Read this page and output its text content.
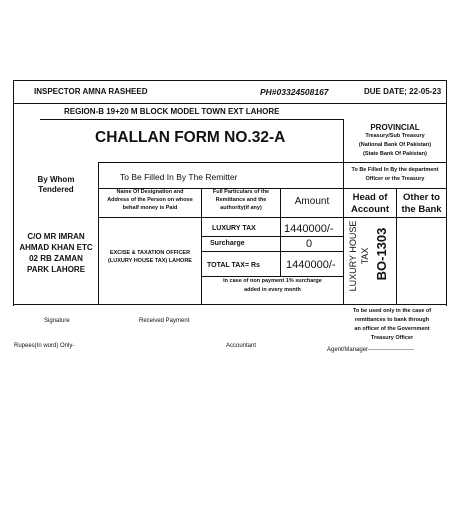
INSPECTOR AMNA RASHEED	PH#03324508167	DUE DATE; 22-05-23
REGION-B 19+20 M BLOCK MODEL TOWN EXT LAHORE
CHALLAN FORM NO.32-A
PROVINCIAL
Treasury/Sub Treasury
(National Bank Of Pakistan)
(State Bank Of Pakistan)
By Whom
Tendered
To Be Filled In By The Remitter
To Be Filled In By the department
Officer or the Treasury
Name Of Designation and
Address of the Person on whose
behalf money is Paid
Full Particulars of the
Remittance and the
authority(if any)
Amount	Head of
Account
Other to
the Bank
C/O MR IMRAN
AHMAD KHAN ETC
02 RB ZAMAN
PARK LAHORE
EXCISE & TAXATION OFFICER
(LUXURY HOUSE TAX) LAHORE
LUXURY TAX	1440000/-
Surcharge	0
TOTAL TAX= Rs 1440000/-
In case of non payment 1% surcharge
added in every month	LUXURY HOUSE TAX BO-1303
Signature	Received Payment
To be used only in the case of
remittances to bank through
an officer of the Government
Treasury Officer
Rupees(In word) Only-	Accountant
Agent/Manager-----------------------
